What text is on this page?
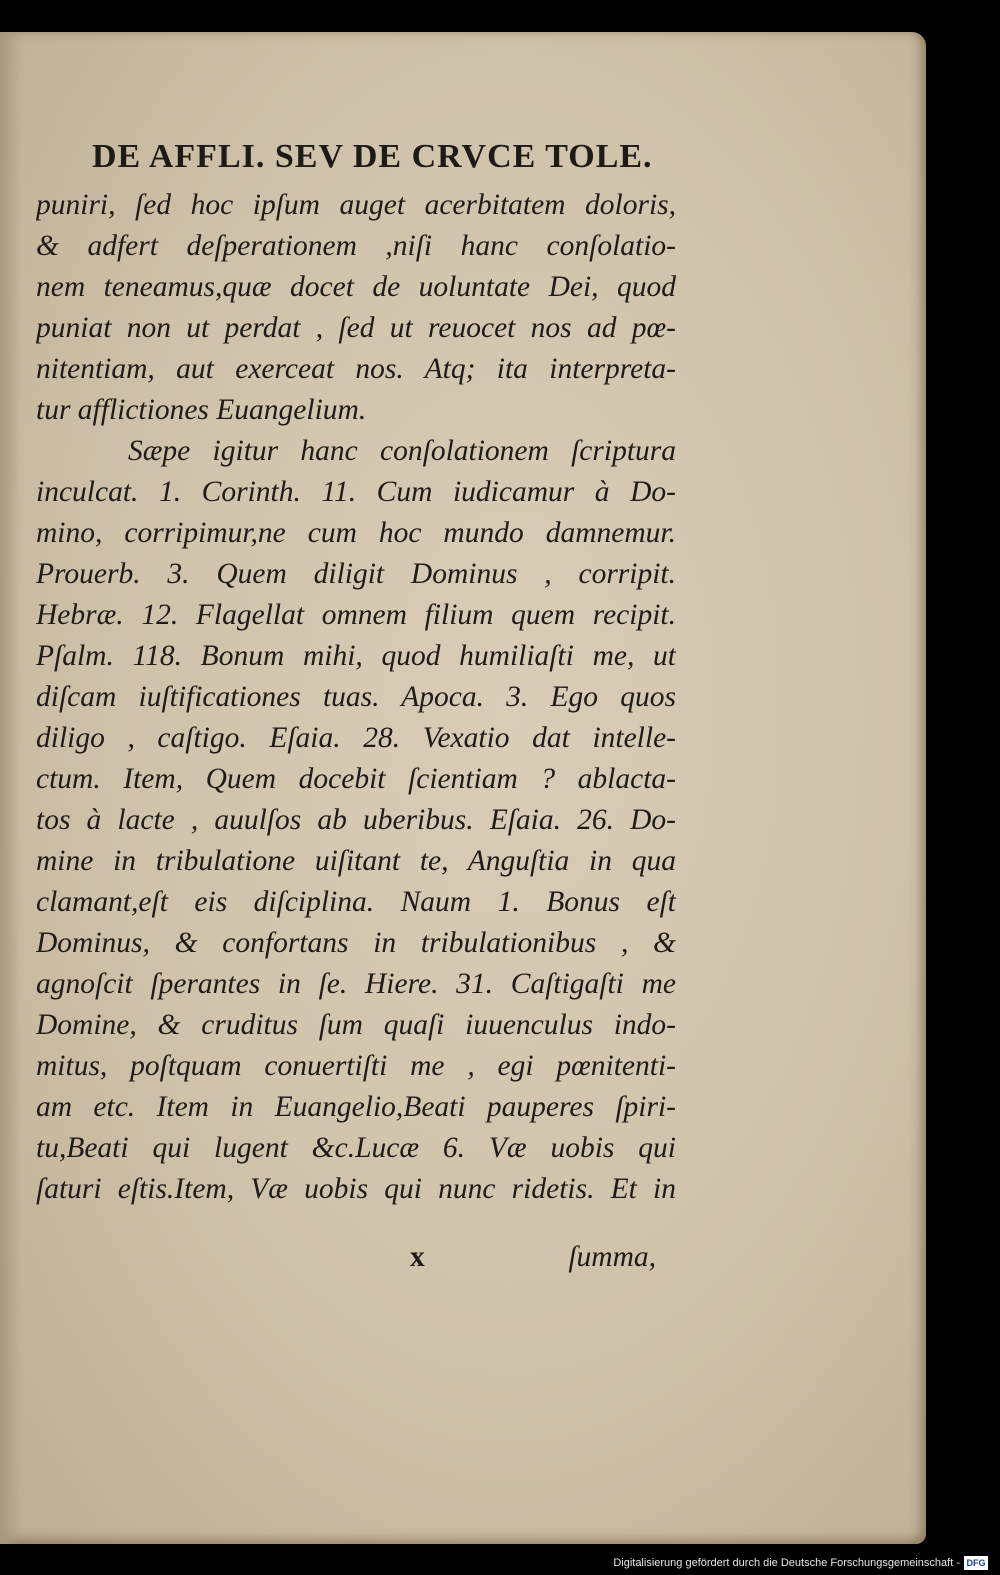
DE AFFLI. SEV DE CRVCE TOLE.
puniri, ſed hoc ipſum auget acerbitatem doloris,
& adfert deſperationem ,niſi hanc conſolatio-
nem teneamus,quæ docet de uoluntate Dei, quod
puniat non ut perdat , ſed ut reuocet nos ad pœ-
nitentiam, aut exerceat nos. Atq; ita interpreta-
tur afflictiones Euangelium.
Sæpe igitur hanc conſolationem ſcriptura
inculcat. 1. Corinth. 11. Cum iudicamur à Do-
mino, corripimur,ne cum hoc mundo damnemur.
Prouerb. 3. Quem diligit Dominus , corripit.
Hebræ. 12. Flagellat omnem filium quem recipit.
Pſalm. 118. Bonum mihi, quod humiliaſti me, ut
diſcam iuſtificationes tuas. Apoca. 3. Ego quos
diligo , caſtigo. Eſaia. 28. Vexatio dat intelle-
ctum. Item, Quem docebit ſcientiam ? ablacta-
tos à lacte , auulſos ab uberibus. Eſaia. 26. Do-
mine in tribulatione uiſitant te, Anguſtia in qua
clamant,eſt eis diſciplina. Naum 1. Bonus eſt
Dominus, & confortans in tribulationibus , &
agnoſcit ſperantes in ſe. Hiere. 31. Caſtigaſti me
Domine, & cruditus ſum quaſi iuuenculus indo-
mitus, poſtquam conuertiſti me , egi pœnitenti-
am etc. Item in Euangelio,Beati pauperes ſpiri-
tu,Beati qui lugent &c.Lucæ 6. Væ uobis qui
ſaturi eſtis.Item, Væ uobis qui nunc ridetis. Et in
x	ſumma,
Digitalisierung gefördert durch die Deutsche Forschungsgemeinschaft - DFG
